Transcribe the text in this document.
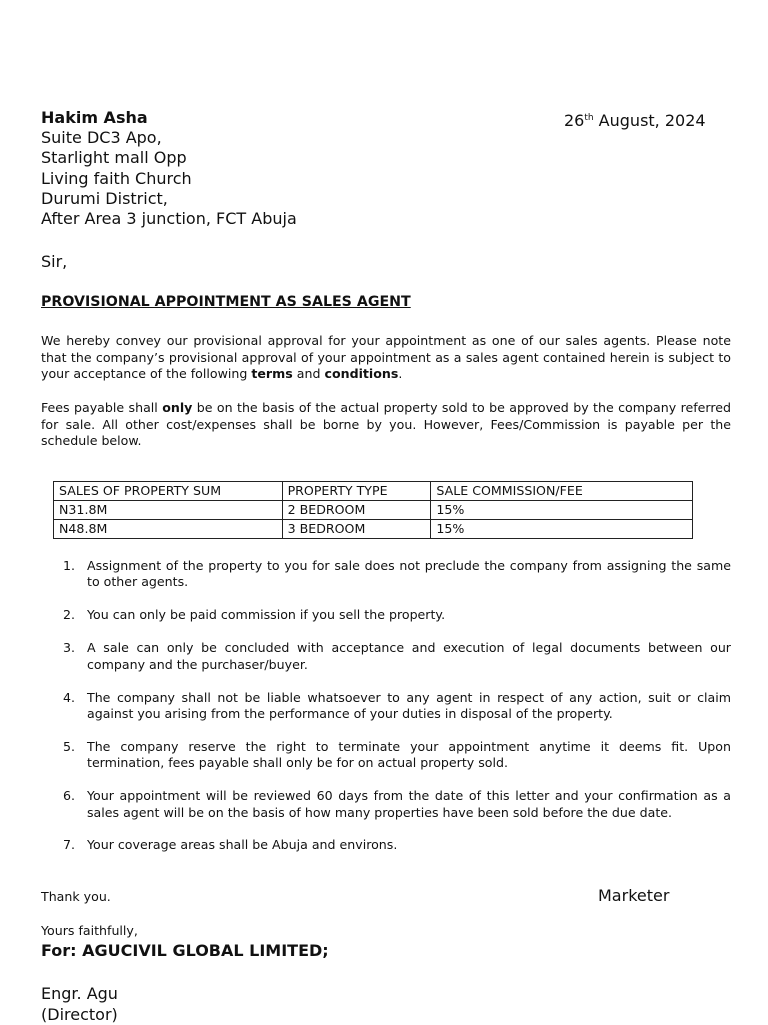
Hakim Asha
Suite DC3 Apo,
Starlight mall Opp
Living faith Church
Durumi District,
After Area 3 junction, FCT Abuja
26th August, 2024
Sir,
PROVISIONAL APPOINTMENT AS SALES AGENT
We hereby convey our provisional approval for your appointment as one of our sales agents. Please note that the company’s provisional approval of your appointment as a sales agent contained herein is subject to your acceptance of the following terms and conditions.
Fees payable shall only be on the basis of the actual property sold to be approved by the company referred for sale. All other cost/expenses shall be borne by you. However, Fees/Commission is payable per the schedule below.
SALES OF PROPERTY SUM	PROPERTY TYPE	SALE COMMISSION/FEE
N31.8M	2 BEDROOM	15%
N48.8M	3 BEDROOM	15%
1. Assignment of the property to you for sale does not preclude the company from assigning the same to other agents.
2. You can only be paid commission if you sell the property.
3. A sale can only be concluded with acceptance and execution of legal documents between our company and the purchaser/buyer.
4. The company shall not be liable whatsoever to any agent in respect of any action, suit or claim against you arising from the performance of your duties in disposal of the property.
5. The company reserve the right to terminate your appointment anytime it deems fit. Upon termination, fees payable shall only be for on actual property sold.
6. Your appointment will be reviewed 60 days from the date of this letter and your confirmation as a sales agent will be on the basis of how many properties have been sold before the due date.
7. Your coverage areas shall be Abuja and environs.
Thank you.	Marketer
Yours faithfully,
For: AGUCIVIL GLOBAL LIMITED;
Engr. Agu
(Director)
